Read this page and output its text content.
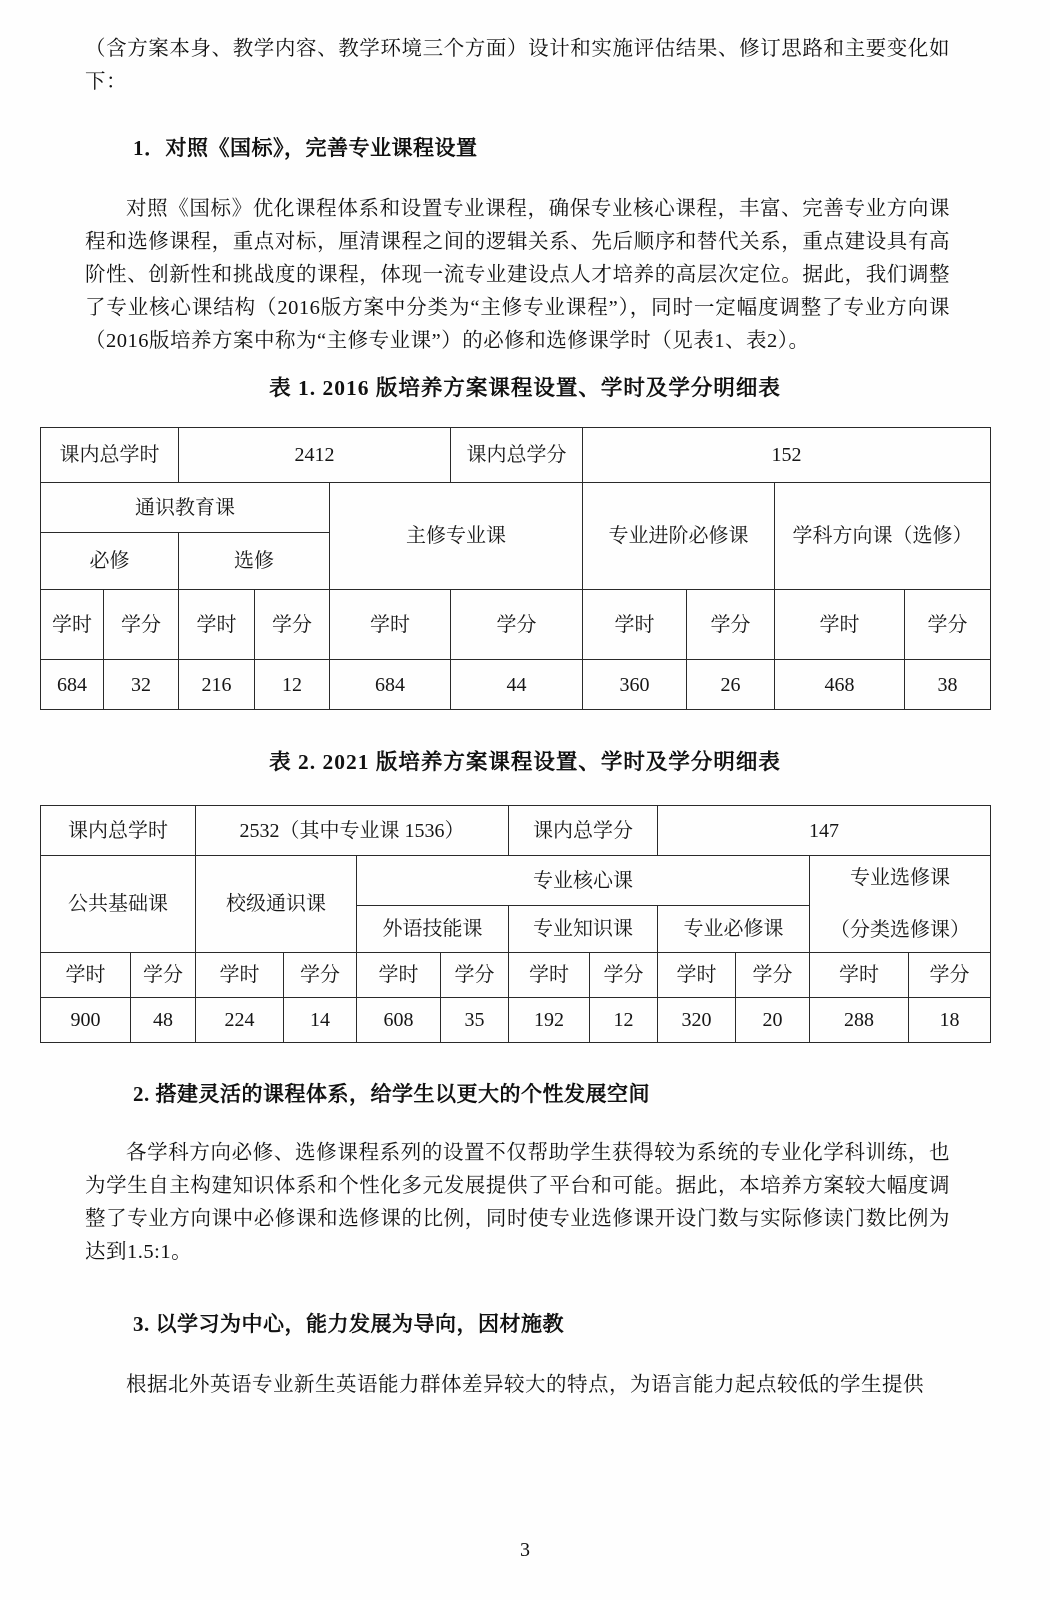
（含方案本身、教学内容、教学环境三个方面）设计和实施评估结果、修订思路和主要变化如下：

1．对照《国标》，完善专业课程设置

对照《国标》优化课程体系和设置专业课程，确保专业核心课程，丰富、完善专业方向课程和选修课程，重点对标，厘清课程之间的逻辑关系、先后顺序和替代关系，重点建设具有高阶性、创新性和挑战度的课程，体现一流专业建设点人才培养的高层次定位。据此，我们调整了专业核心课结构（2016版方案中分类为“主修专业课程”），同时一定幅度调整了专业方向课（2016版培养方案中称为“主修专业课”）的必修和选修课学时（见表1、表2）。

表 1. 2016 版培养方案课程设置、学时及学分明细表
课内总学时		2412			课内总学分	152			
通识教育课				主修专业课		专业进阶必修课		学科方向课（选修）	
必修		选修							
学时	学分	学时	学分	学时	学分	学时	学分	学时	学分
684	32	216	12	684	44	360	26	468	38
表 2. 2021 版培养方案课程设置、学时及学分明细表
课内总学时		2532（其中专业课 1536）				课内总学分		147			
公共基础课		校级通识课		专业核心课						专业选修课
（分类选修课）	

				外语技能课		专业知识课		专业必修课			
学时	学分	学时	学分	学时	学分	学时	学分	学时	学分	学时	学分
900	48	224	14	608	35	192	12	320	20	288	18
2. 搭建灵活的课程体系，给学生以更大的个性发展空间

各学科方向必修、选修课程系列的设置不仅帮助学生获得较为系统的专业化学科训练，也为学生自主构建知识体系和个性化多元发展提供了平台和可能。据此，本培养方案较大幅度调整了专业方向课中必修课和选修课的比例，同时使专业选修课开设门数与实际修读门数比例为达到1.5:1。

3. 以学习为中心，能力发展为导向，因材施教

根据北外英语专业新生英语能力群体差异较大的特点，为语言能力起点较低的学生提供

3
